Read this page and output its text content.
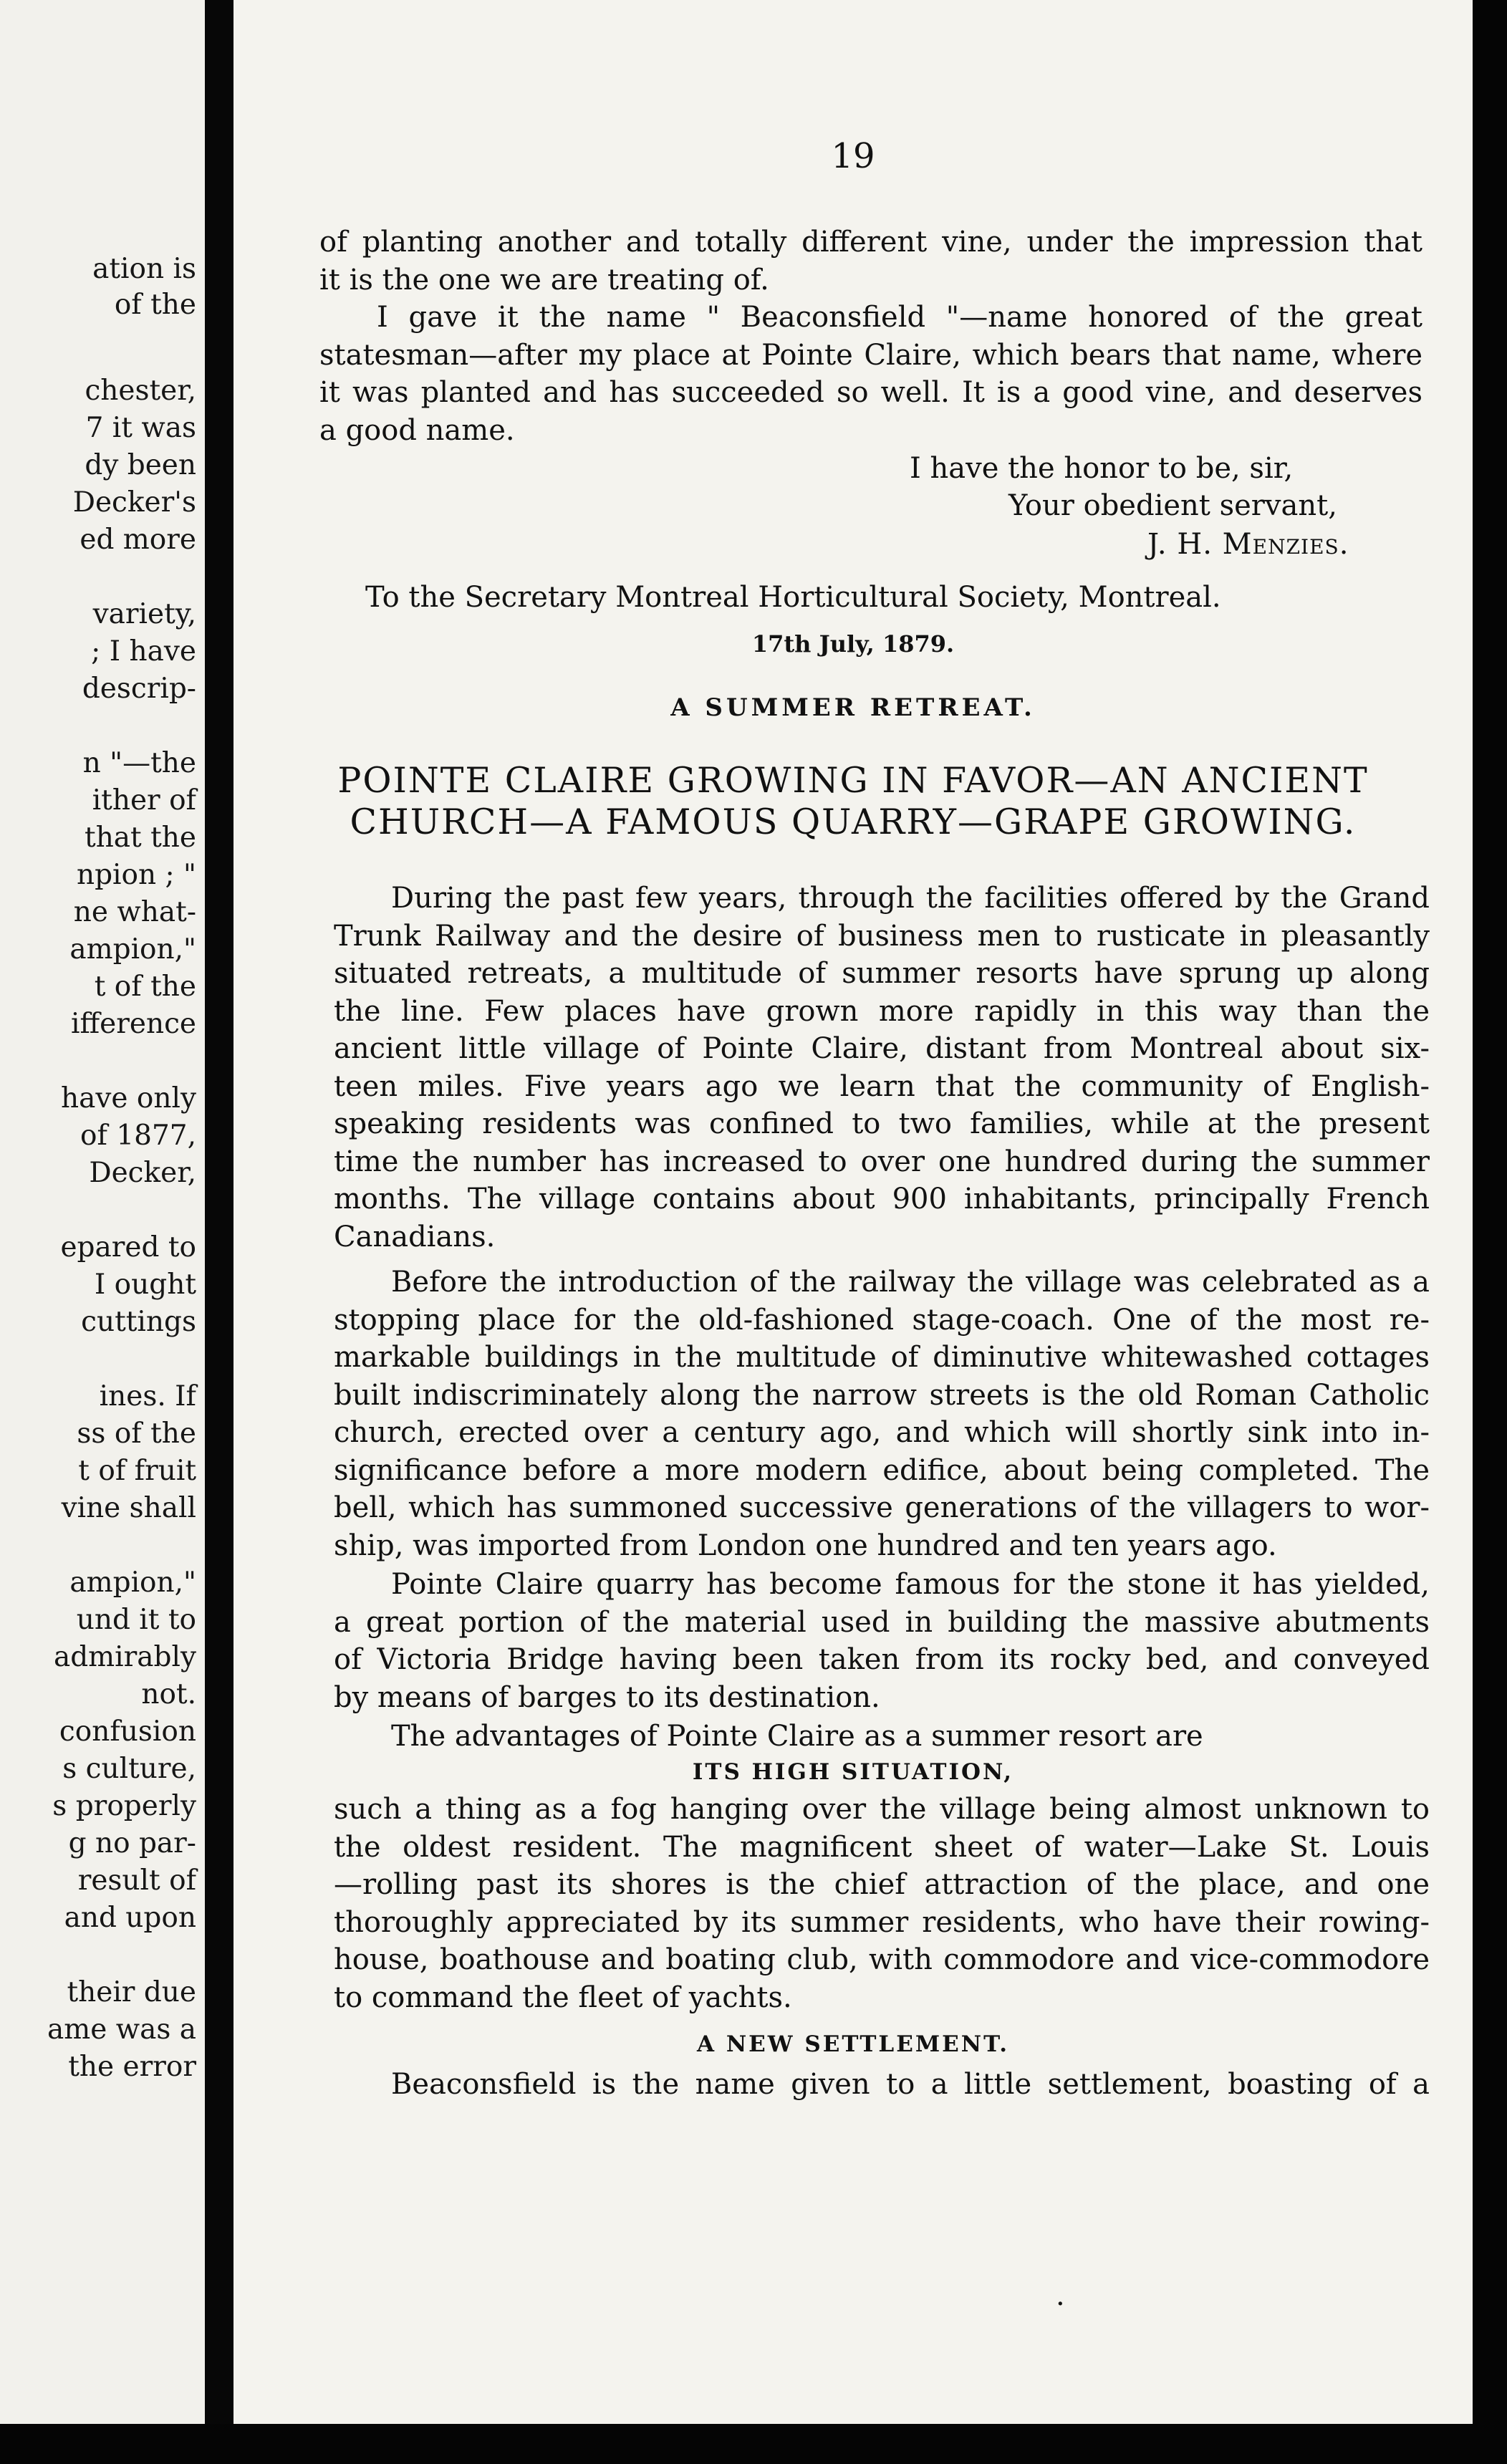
ation is
of the
chester,
7 it was
dy been
Decker's
ed more
variety,
; I have
descrip-
n "—the
ither of
that the
npion ; "
ne what-
ampion,"
t of the
ifference
have only
of 1877,
Decker,
epared to
I ought
cuttings
ines. If
ss of the
t of fruit
vine shall
ampion,"
und it to
admirably
not.
confusion
s culture,
s properly
g no par-
result of
and upon
their due
ame was a
the error
19
of planting another and totally different vine, under the impression that
it is the one we are treating of.
I gave it the name " Beaconsfield "—name honored of the great
statesman—after my place at Pointe Claire, which bears that name, where
it was planted and has succeeded so well. It is a good vine, and deserves
a good name.
I have the honor to be, sir,
Your obedient servant,
J. H. Menzies.
To the Secretary Montreal Horticultural Society, Montreal.
17th July, 1879.
A SUMMER RETREAT.
POINTE CLAIRE GROWING IN FAVOR—AN ANCIENT
CHURCH—A FAMOUS QUARRY—GRAPE GROWING.
During the past few years, through the facilities offered by the Grand
Trunk Railway and the desire of business men to rusticate in pleasantly
situated retreats, a multitude of summer resorts have sprung up along
the line. Few places have grown more rapidly in this way than the
ancient little village of Pointe Claire, distant from Montreal about six-
teen miles. Five years ago we learn that the community of English-
speaking residents was confined to two families, while at the present
time the number has increased to over one hundred during the summer
months. The village contains about 900 inhabitants, principally French
Canadians.
Before the introduction of the railway the village was celebrated as a
stopping place for the old-fashioned stage-coach. One of the most re-
markable buildings in the multitude of diminutive whitewashed cottages
built indiscriminately along the narrow streets is the old Roman Catholic
church, erected over a century ago, and which will shortly sink into in-
significance before a more modern edifice, about being completed. The
bell, which has summoned successive generations of the villagers to wor-
ship, was imported from London one hundred and ten years ago.
Pointe Claire quarry has become famous for the stone it has yielded,
a great portion of the material used in building the massive abutments
of Victoria Bridge having been taken from its rocky bed, and conveyed
by means of barges to its destination.
The advantages of Pointe Claire as a summer resort are
ITS HIGH SITUATION,
such a thing as a fog hanging over the village being almost unknown to
the oldest resident. The magnificent sheet of water—Lake St. Louis
—rolling past its shores is the chief attraction of the place, and one
thoroughly appreciated by its summer residents, who have their rowing-
house, boathouse and boating club, with commodore and vice-commodore
to command the fleet of yachts.
A NEW SETTLEMENT.
Beaconsfield is the name given to a little settlement, boasting of a
·
